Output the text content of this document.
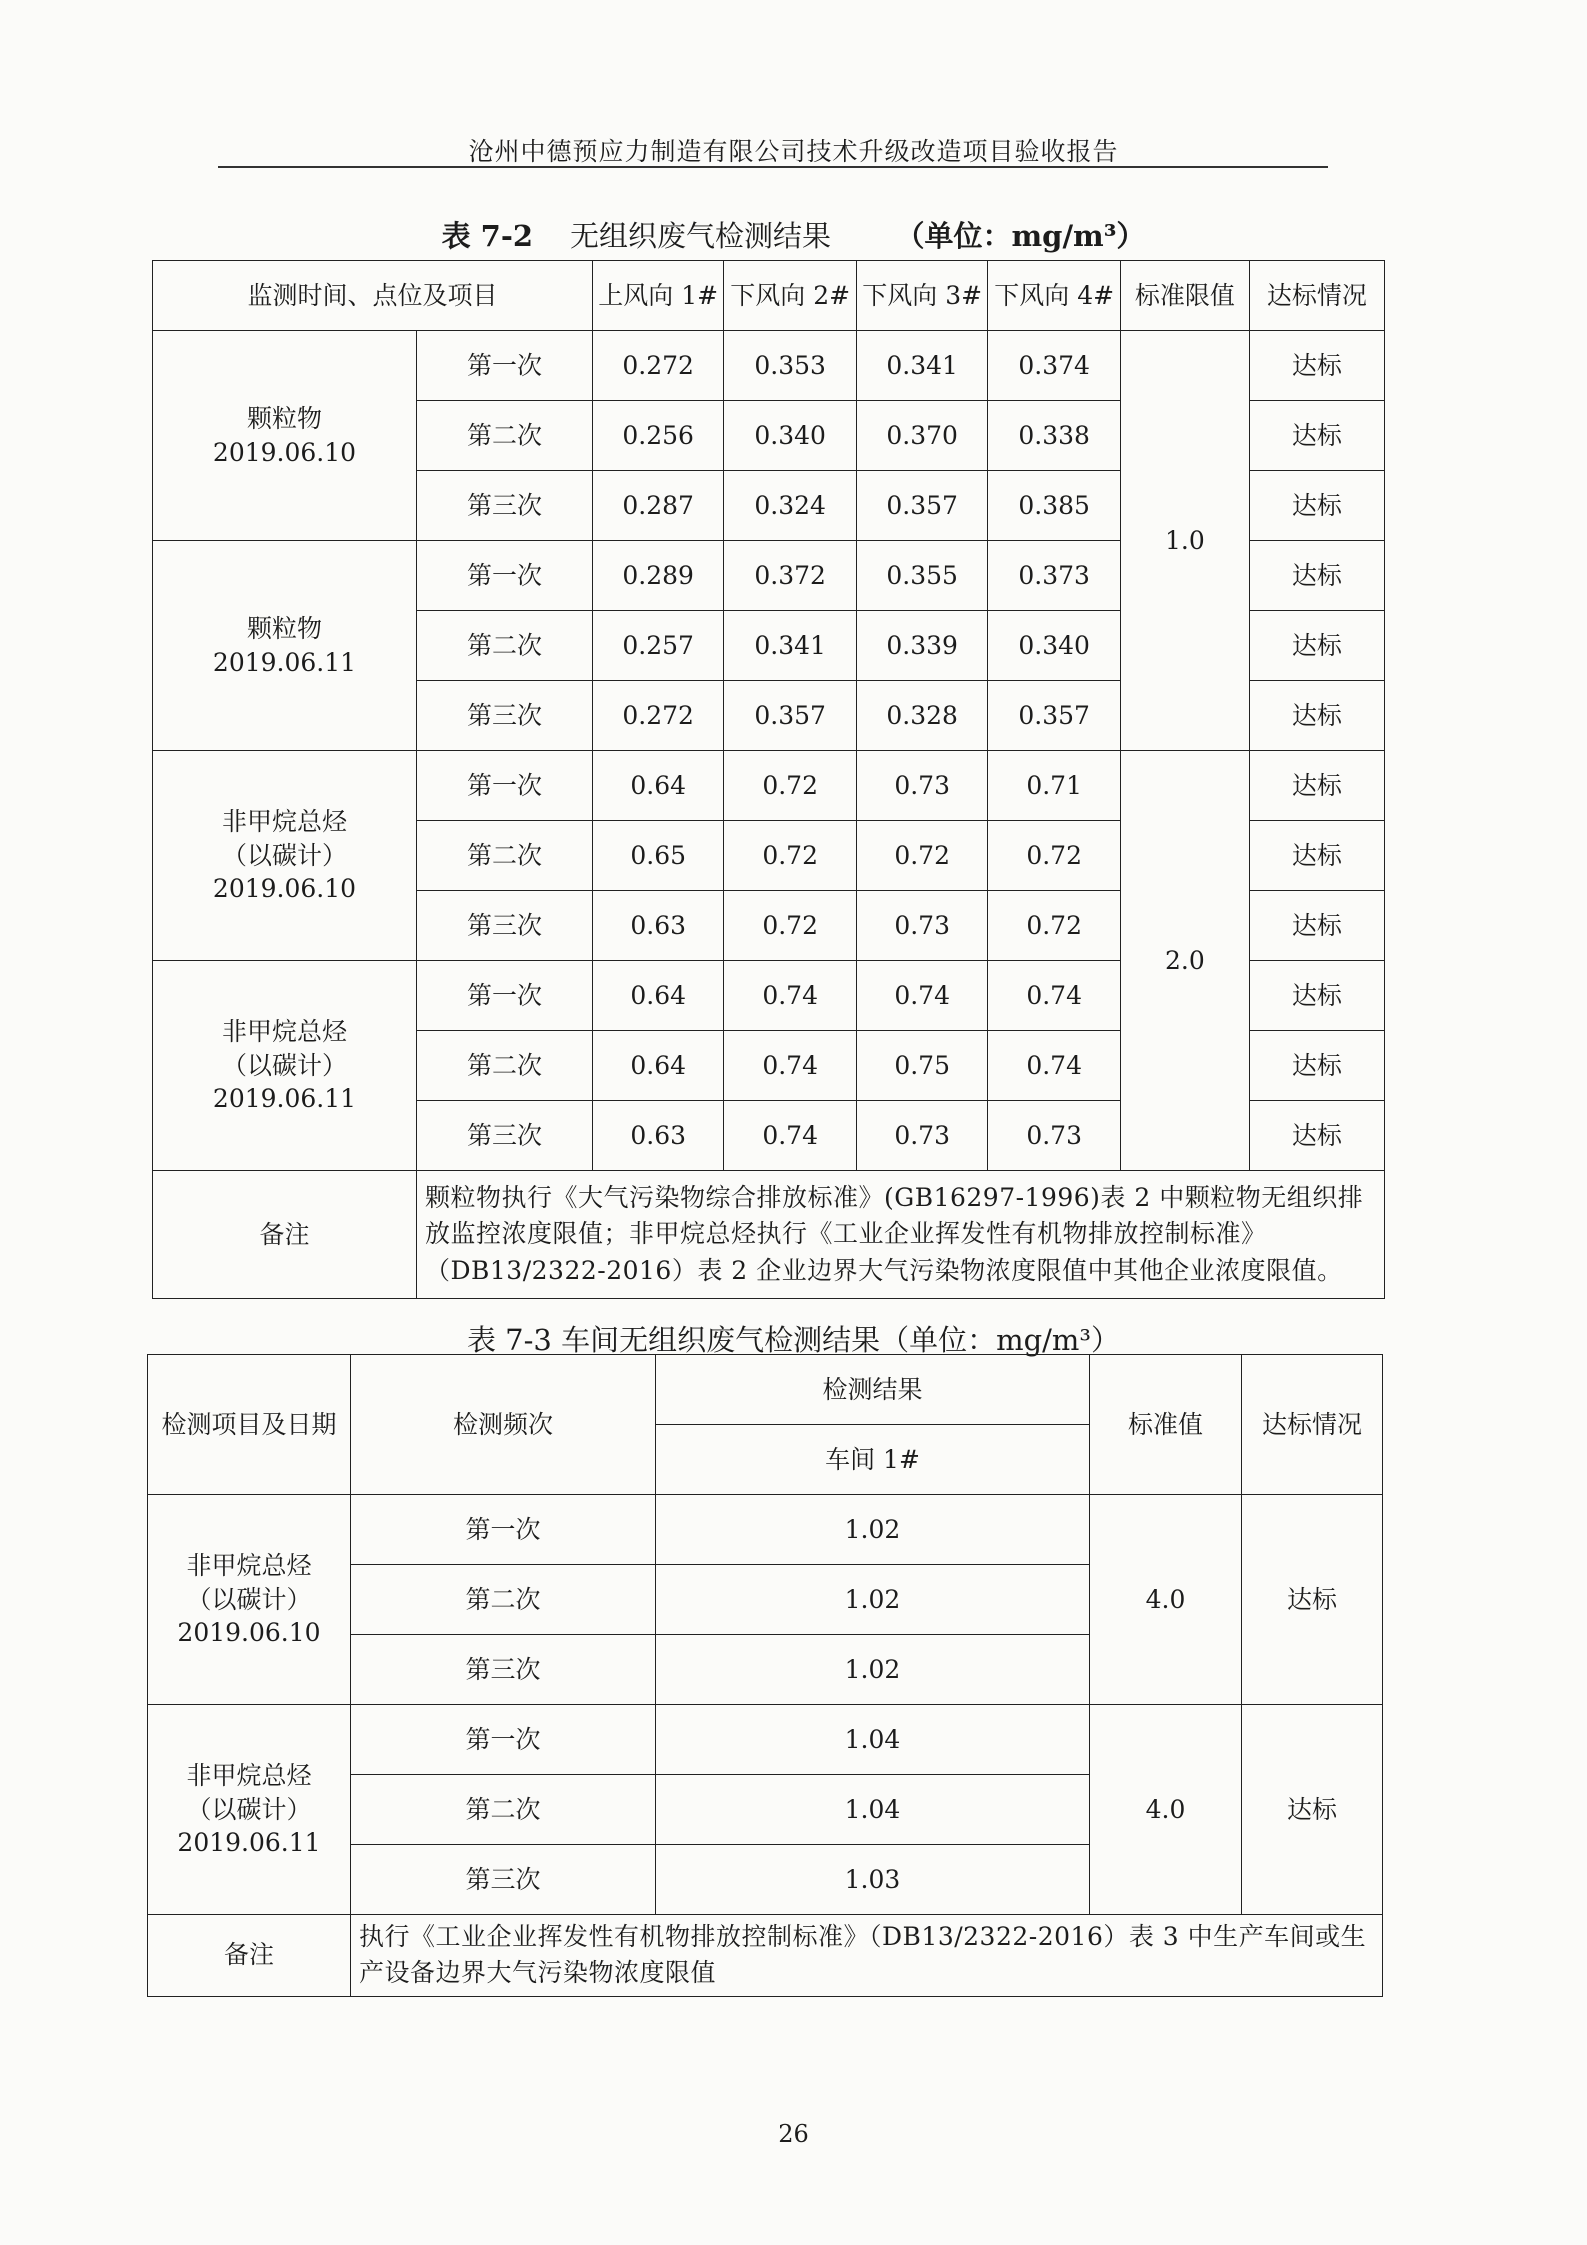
沧州中德预应力制造有限公司技术升级改造项目验收报告
表 7-2 无组织废气检测结果 （单位：mg/m³）
监测时间、点位及项目		上风向 1#	下风向 2#	下风向 3#	下风向 4#	标准限值	达标情况

颗粒物
2019.06.10	第一次	0.272	0.353	0.341	0.374	1.0	达标
	第二次	0.256	0.340	0.370	0.338		达标
	第三次	0.287	0.324	0.357	0.385		达标

颗粒物
2019.06.11	第一次	0.289	0.372	0.355	0.373		达标
	第二次	0.257	0.341	0.339	0.340		达标
	第三次	0.272	0.357	0.328	0.357		达标

非甲烷总烃
（以碳计）
2019.06.10	第一次	0.64	0.72	0.73	0.71	2.0	达标
	第二次	0.65	0.72	0.72	0.72		达标
	第三次	0.63	0.72	0.73	0.72		达标

非甲烷总烃
（以碳计）
2019.06.11	第一次	0.64	0.74	0.74	0.74		达标
	第二次	0.64	0.74	0.75	0.74		达标
	第三次	0.63	0.74	0.73	0.73		达标
备注	颗粒物执行《大气污染物综合排放标准》(GB16297-1996)表 2 中颗粒物无组织排放监控浓度限值；非甲烷总烃执行《工业企业挥发性有机物排放控制标准》（DB13/2322-2016）表 2 企业边界大气污染物浓度限值中其他企业浓度限值。						
表 7-3 车间无组织废气检测结果（单位：mg/m³）
检测项目及日期	检测频次	检测结果	标准值	达标情况
		车间 1#		

非甲烷总烃
（以碳计）
2019.06.10	第一次	1.02	4.0	达标
	第二次	1.02		
	第三次	1.02		

非甲烷总烃
（以碳计）
2019.06.11	第一次	1.04	4.0	达标
	第二次	1.04		
	第三次	1.03		
备注	执行《工业企业挥发性有机物排放控制标准》（DB13/2322-2016）表 3 中生产车间或生产设备边界大气污染物浓度限值			
26
